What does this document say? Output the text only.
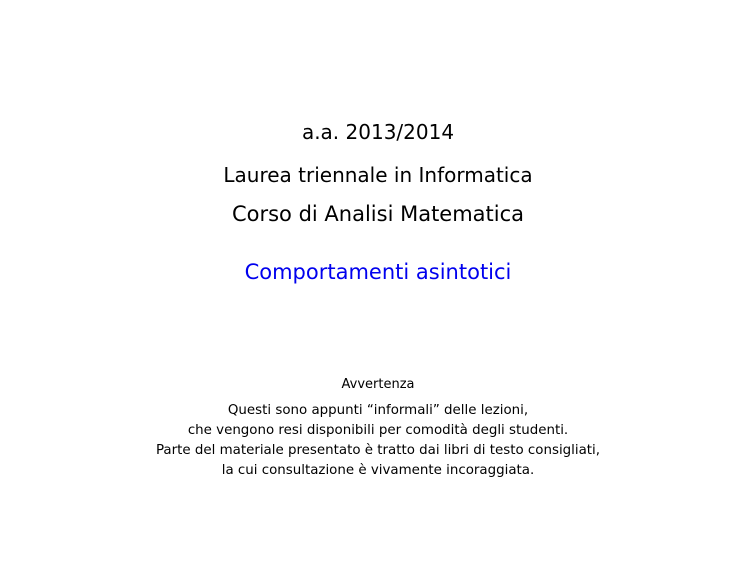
a.a. 2013/2014
Laurea triennale in Informatica
Corso di Analisi Matematica
Comportamenti asintotici
Avvertenza
Questi sono appunti “informali” delle lezioni,
che vengono resi disponibili per comodità degli studenti.
Parte del materiale presentato è tratto dai libri di testo consigliati,
la cui consultazione è vivamente incoraggiata.
